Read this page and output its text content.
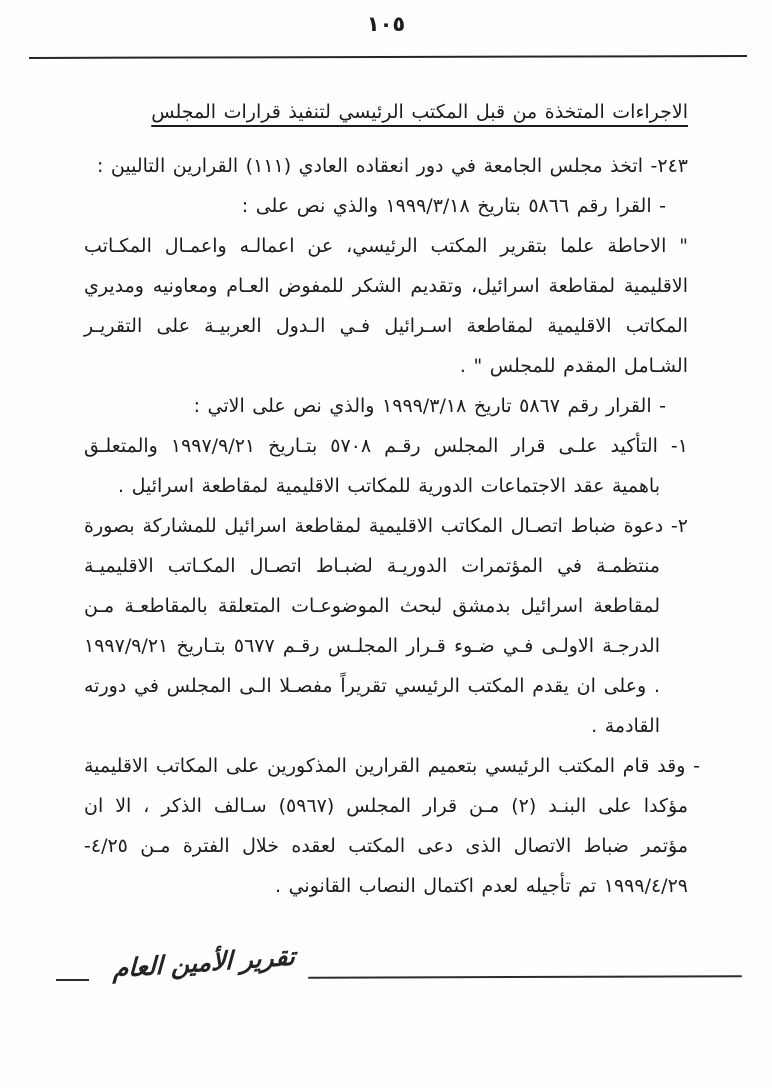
١٠٥
الاجراءات المتخذة من قبل المكتب الرئيسي لتنفيذ قرارات المجلس

٢٤٣- اتخذ مجلس الجامعة في دور انعقاده العادي (١١١) القرارين التاليين :

- القرا رقم ٥٨٦٦ بتاريخ ١٩٩٩/٣/١٨ والذي نص على :

" الاحاطة علما بتقرير المكتب الرئيسي، عن اعمالـه واعمـال المكـاتب الاقليمية لمقاطعة اسرائيل، وتقديم الشكر للمفوض العـام ومعاونيه ومديري المكاتب الاقليمية لمقاطعة اسـرائيل فـي الـدول العربيـة على التقريـر الشـامل المقدم للمجلس " .

- القرار رقم ٥٨٦٧ تاريخ ١٩٩٩/٣/١٨ والذي نص على الاتي :

١- التأكيد علـى قرار المجلس رقـم ٥٧٠٨ بتـاريخ ١٩٩٧/٩/٢١ والمتعلـق باهمية عقد الاجتماعات الدورية للمكاتب الاقليمية لمقاطعة اسرائيل .

٢- دعوة ضباط اتصـال المكاتب الاقليمية لمقاطعة اسرائيل للمشاركة بصورة منتظمـة في المؤتمرات الدوريـة لضبـاط اتصـال المكـاتب الاقليميـة لمقاطعة اسرائيل بدمشق لبحث الموضوعـات المتعلقة بالمقاطعـة مـن الدرجـة الاولـى فـي ضـوء قـرار المجلـس رقـم ٥٦٧٧ بتـاريخ ١٩٩٧/٩/٢١ . وعلى ان يقدم المكتب الرئيسي تقريراً مفصـلا الـى المجلس في دورته القادمة .

- وقد قام المكتب الرئيسي بتعميم القرارين المذكورين على المكاتب الاقليمية مؤكدا على البنـد (٢) مـن قرار المجلس (٥٩٦٧) سـالف الذكر ، الا ان مؤتمر ضباط الاتصال الذى دعى المكتب لعقده خلال الفترة مـن ٤/٢٥- ١٩٩٩/٤/٢٩ تم تأجيله لعدم اكتمال النصاب القانوني .

تقرير الأمين العام
